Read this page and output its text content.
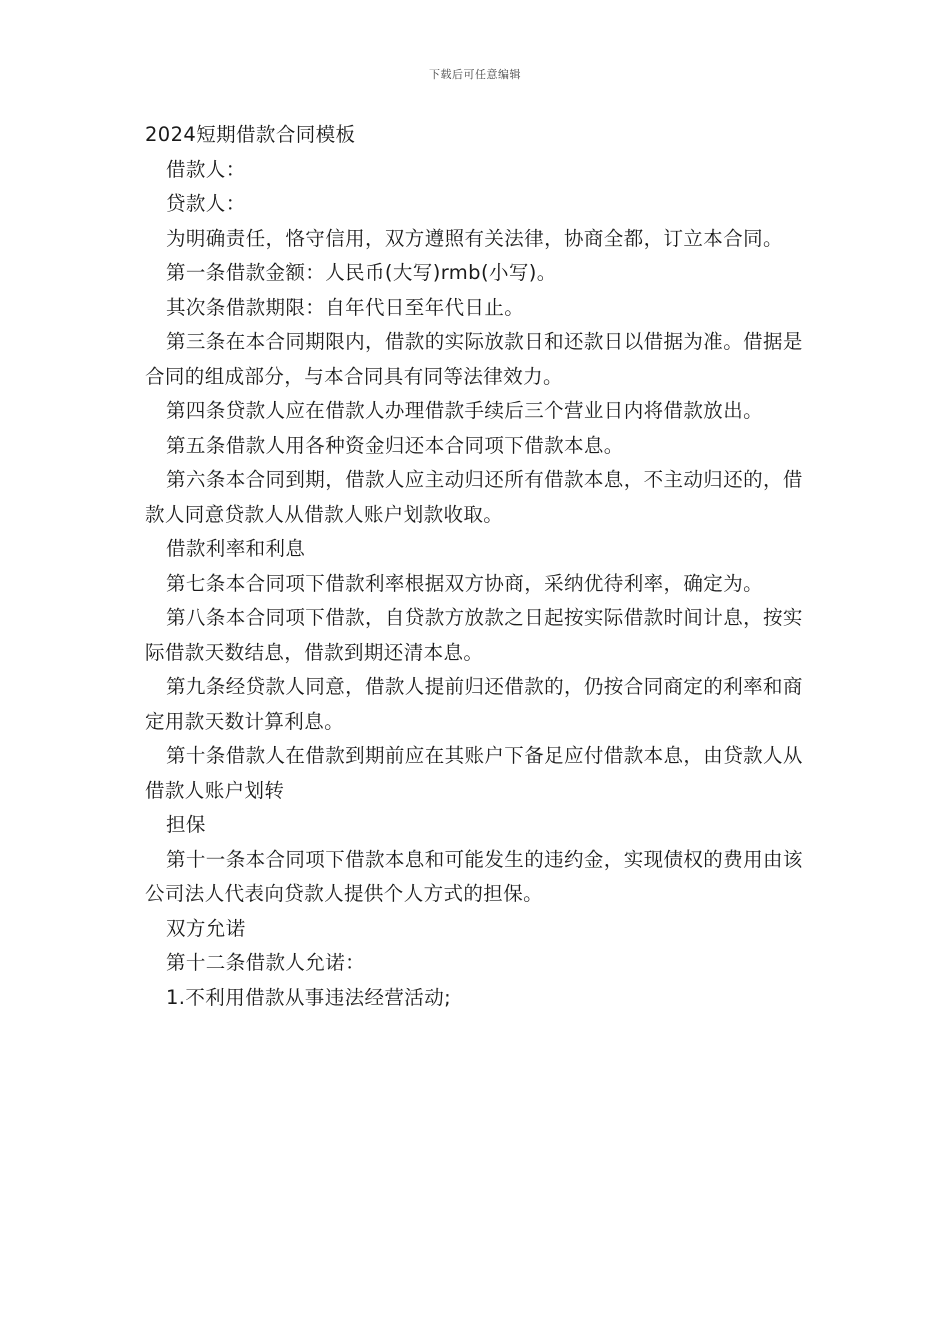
下载后可任意编辑

2024短期借款合同模板

借款人：

贷款人：

为明确责任，恪守信用，双方遵照有关法律，协商全都，订立本合同。

第一条借款金额：人民币(大写)rmb(小写)。

其次条借款期限：自年代日至年代日止。

第三条在本合同期限内，借款的实际放款日和还款日以借据为准。借据是合同的组成部分，与本合同具有同等法律效力。

第四条贷款人应在借款人办理借款手续后三个营业日内将借款放出。

第五条借款人用各种资金归还本合同项下借款本息。

第六条本合同到期，借款人应主动归还所有借款本息，不主动归还的，借款人同意贷款人从借款人账户划款收取。

借款利率和利息

第七条本合同项下借款利率根据双方协商，采纳优待利率，确定为。

第八条本合同项下借款，自贷款方放款之日起按实际借款时间计息，按实际借款天数结息，借款到期还清本息。

第九条经贷款人同意，借款人提前归还借款的，仍按合同商定的利率和商定用款天数计算利息。

第十条借款人在借款到期前应在其账户下备足应付借款本息，由贷款人从借款人账户划转

担保

第十一条本合同项下借款本息和可能发生的违约金，实现债权的费用由该公司法人代表向贷款人提供个人方式的担保。

双方允诺

第十二条借款人允诺：

1.不利用借款从事违法经营活动;
